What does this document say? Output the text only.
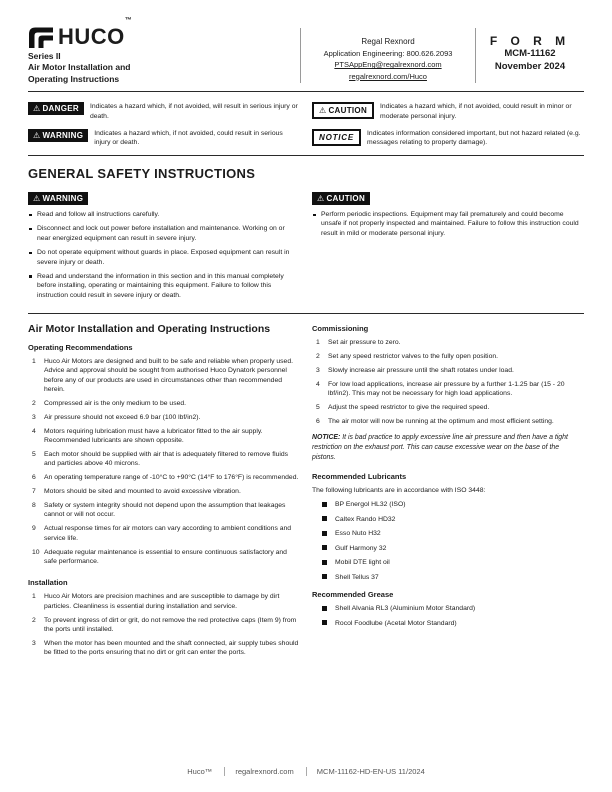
HUCO™
Series II
Air Motor Installation and
Operating Instructions
Regal Rexnord
Application Engineering: 800.626.2093
PTSAppEng@regalrexnord.com
regalrexnord.com/Huco
F O R M
MCM-11162
November 2024
⚠ DANGER	Indicates a hazard which, if not avoided, will result in serious injury or death.
⚠ WARNING	Indicates a hazard which, if not avoided, could result in serious injury or death.
⚠ CAUTION	Indicates a hazard which, if not avoided, could result in minor or moderate personal injury.
NOTICE	Indicates information considered important, but not hazard related (e.g. messages relating to property damage).
GENERAL SAFETY INSTRUCTIONS
⚠ WARNING
Read and follow all instructions carefully.
Disconnect and lock out power before installation and maintenance. Working on or near energized equipment can result in severe injury.
Do not operate equipment without guards in place. Exposed equipment can result in severe injury or death.
Read and understand the information in this section and in this manual completely before installing, operating or maintaining this equipment. Failure to follow this instruction could result in severe injury or death.
⚠ CAUTION
Perform periodic inspections. Equipment may fail prematurely and could become unsafe if not properly inspected and maintained. Failure to follow this instruction could result in mild or moderate personal injury.
Air Motor Installation and Operating Instructions
Operating Recommendations
1	Huco Air Motors are designed and built to be safe and reliable when properly used. Advice and approval should be sought from authorised Huco Dynatork personnel before any of our products are used in circumstances other than recommended herein.
2	Compressed air is the only medium to be used.
3	Air pressure should not exceed 6.9 bar (100 lbf/in2).
4	Motors requiring lubrication must have a lubricator fitted to the air supply. Recommended lubricants are shown opposite.
5	Each motor should be supplied with air that is adequately filtered to remove fluids and particles above 40 microns.
6	An operating temperature range of -10°C to +90°C (14°F to 176°F) is recommended.
7	Motors should be sited and mounted to avoid excessive vibration.
8	Safety or system integrity should not depend upon the assumption that leakages cannot or will not occur.
9	Actual response times for air motors can vary according to ambient conditions and service life.
10 Adequate regular maintenance is essential to ensure continuous satisfactory and safe performance.
Installation
1	Huco Air Motors are precision machines and are susceptible to damage by dirt particles. Cleanliness is essential during installation and service.
2	To prevent ingress of dirt or grit, do not remove the red protective caps (Item 9) from the ports until installed.
3	When the motor has been mounted and the shaft connected, air supply tubes should be fitted to the ports ensuring that no dirt or grit can enter the ports.
Commissioning
1	Set air pressure to zero.
2	Set any speed restrictor valves to the fully open position.
3	Slowly increase air pressure until the shaft rotates under load.
4	For low load applications, increase air pressure by a further 1-1.25 bar (15 - 20 lbf/in2). This may not be necessary for high load applications.
5	Adjust the speed restrictor to give the required speed.
6	The air motor will now be running at the optimum and most efficient setting.
NOTICE: It is bad practice to apply excessive line air pressure and then have a tight restriction on the exhaust port. This can cause excessive wear on the base of the pistons.
Recommended Lubricants
The following lubricants are in accordance with ISO 3448:
BP Energol HL32 (ISO)
Caltex Rando HD32
Esso Nuto H32
Gulf Harmony 32
Mobil DTE light oil
Shell Tellus 37
Recommended Grease
Shell Alvania RL3 (Aluminium Motor Standard)
Rocol Foodlube (Acetal Motor Standard)
Huco™	regalrexnord.com	MCM-11162-HD-EN-US 11/2024
